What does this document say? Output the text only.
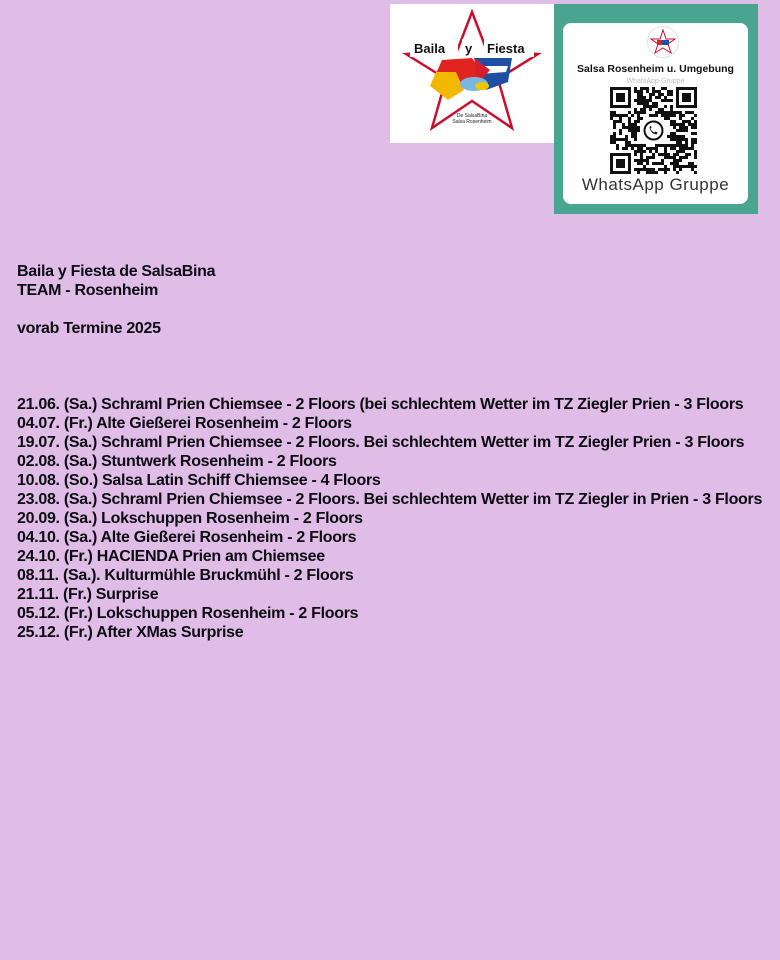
Baila y Fiesta
De SalsaBina
Salsa Rosenheim
Salsa Rosenheim u. Umgebung
WhatsApp-Gruppe
WhatsApp Gruppe

Baila y Fiesta de SalsaBina

TEAM - Rosenheim

vorab Termine 2025

21.06. (Sa.) Schraml Prien Chiemsee - 2 Floors (bei schlechtem Wetter im TZ Ziegler Prien - 3 Floors

04.07. (Fr.) Alte Gießerei Rosenheim - 2 Floors

19.07. (Sa.) Schraml Prien Chiemsee - 2 Floors. Bei schlechtem Wetter im TZ Ziegler Prien - 3 Floors

02.08. (Sa.) Stuntwerk Rosenheim - 2 Floors

10.08. (So.) Salsa Latin Schiff Chiemsee - 4 Floors

23.08. (Sa.) Schraml Prien Chiemsee - 2 Floors. Bei schlechtem Wetter im TZ Ziegler in Prien - 3 Floors

20.09. (Sa.) Lokschuppen Rosenheim - 2 Floors

04.10. (Sa.) Alte Gießerei Rosenheim - 2 Floors

24.10. (Fr.) HACIENDA Prien am Chiemsee

08.11. (Sa.). Kulturmühle Bruckmühl - 2 Floors

21.11. (Fr.) Surprise

05.12. (Fr.) Lokschuppen Rosenheim - 2 Floors

25.12. (Fr.) After XMas Surprise
